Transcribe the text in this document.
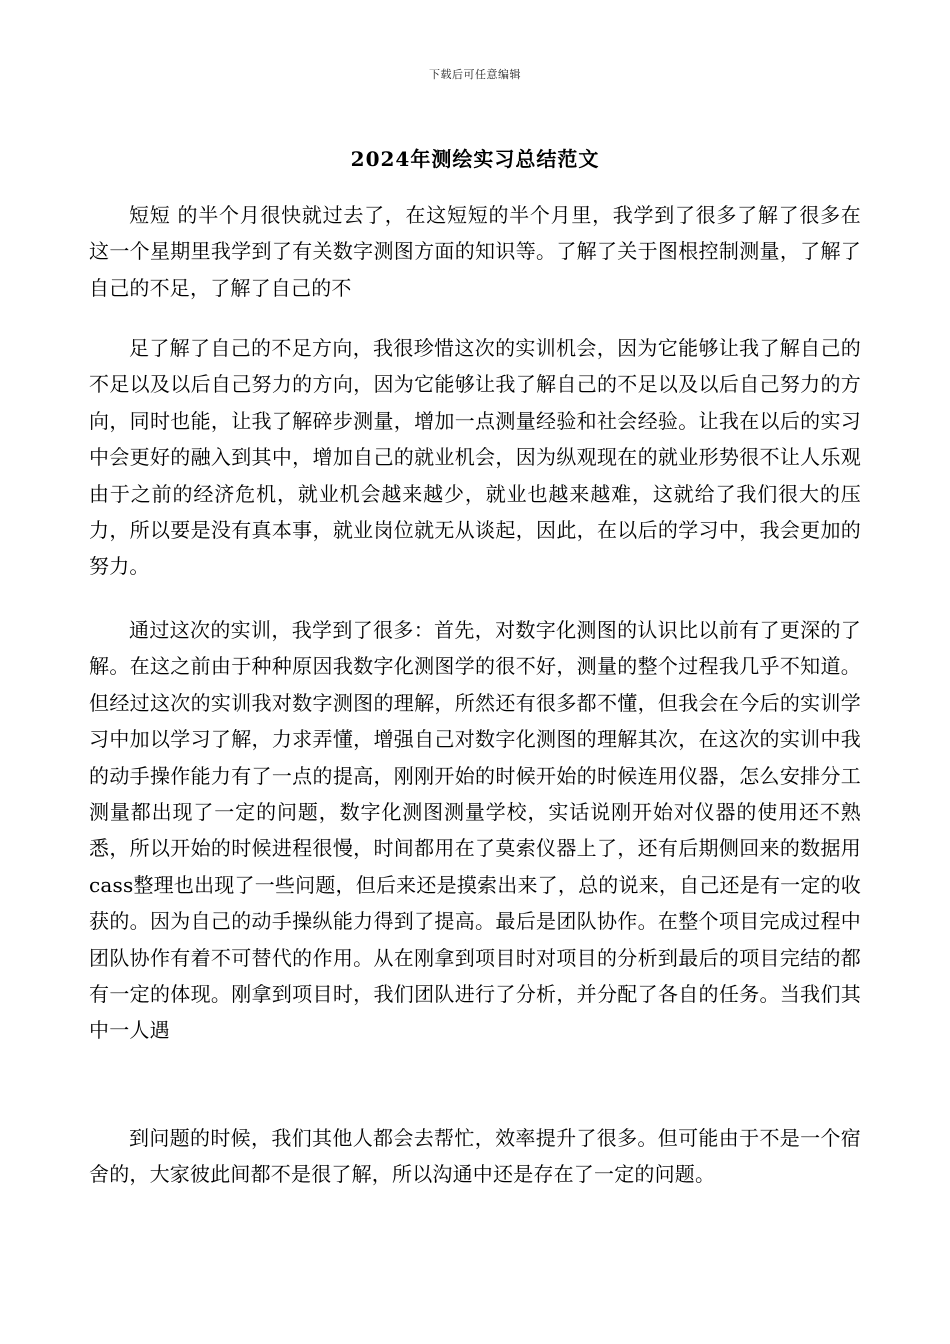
下载后可任意编辑
2024年测绘实习总结范文

短短 的半个月很快就过去了，在这短短的半个月里，我学到了很多了解了很多在这一个星期里我学到了有关数字测图方面的知识等。了解了关于图根控制测量，了解了自己的不足，了解了自己的不

足了解了自己的不足方向，我很珍惜这次的实训机会，因为它能够让我了解自己的不足以及以后自己努力的方向，因为它能够让我了解自己的不足以及以后自己努力的方向，同时也能，让我了解碎步测量，增加一点测量经验和社会经验。让我在以后的实习中会更好的融入到其中，增加自己的就业机会，因为纵观现在的就业形势很不让人乐观由于之前的经济危机，就业机会越来越少，就业也越来越难，这就给了我们很大的压力，所以要是没有真本事，就业岗位就无从谈起，因此，在以后的学习中，我会更加的努力。

通过这次的实训，我学到了很多：首先，对数字化测图的认识比以前有了更深的了解。在这之前由于种种原因我数字化测图学的很不好，测量的整个过程我几乎不知道。但经过这次的实训我对数字测图的理解，所然还有很多都不懂，但我会在今后的实训学习中加以学习了解，力求弄懂，增强自己对数字化测图的理解其次，在这次的实训中我的动手操作能力有了一点的提高，刚刚开始的时候开始的时候连用仪器，怎么安排分工测量都出现了一定的问题，数字化测图测量学校，实话说刚开始对仪器的使用还不熟悉，所以开始的时候进程很慢，时间都用在了莫索仪器上了，还有后期侧回来的数据用cass整理也出现了一些问题，但后来还是摸索出来了，总的说来，自己还是有一定的收获的。因为自己的动手操纵能力得到了提高。最后是团队协作。在整个项目完成过程中团队协作有着不可替代的作用。从在刚拿到项目时对项目的分析到最后的项目完结的都有一定的体现。刚拿到项目时，我们团队进行了分析，并分配了各自的任务。当我们其中一人遇

到问题的时候，我们其他人都会去帮忙，效率提升了很多。但可能由于不是一个宿舍的，大家彼此间都不是很了解，所以沟通中还是存在了一定的问题。
